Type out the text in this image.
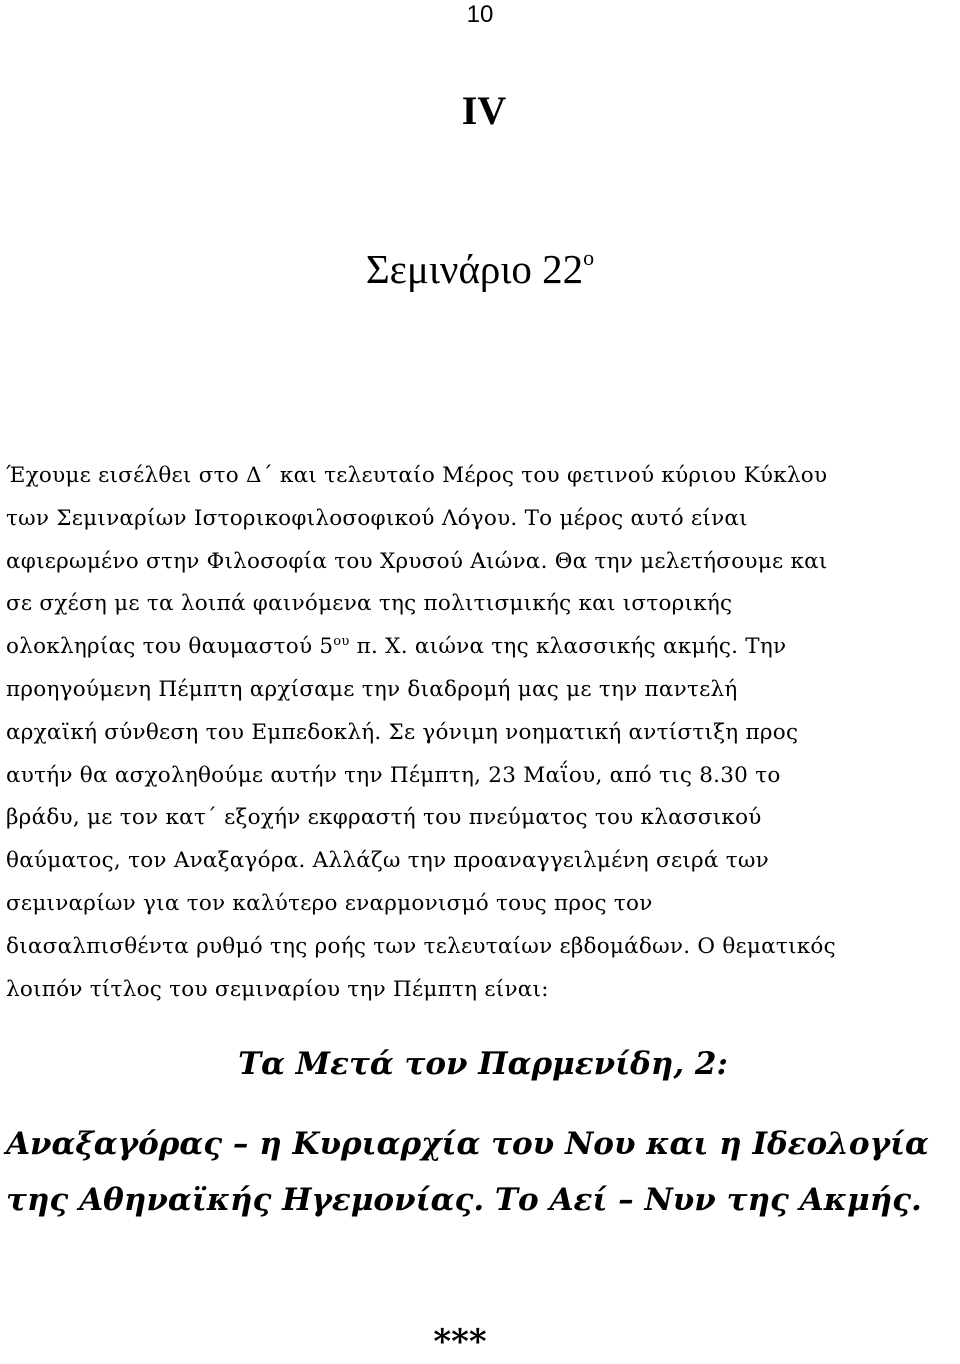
10
IV
Σεμινάριο $22^o$
Έχουμε εισέλθει στο Δ΄ και τελευταίο Μέρος του φετινού κύριου Κύκλου
των Σεμιναρίων Ιστορικοφιλοσοφικού Λόγου. Το μέρος αυτό είναι
αφιερωμένο στην Φιλοσοφία του Χρυσού Αιώνα. Θα την μελετήσουμε και
σε σχέση με τα λοιπά φαινόμενα της πολιτισμικής και ιστορικής
ολοκληρίας του θαυμαστού $5^{o\upsilon}$ π. Χ. αιώνα της κλασσικής ακμής. Την
προηγούμενη Πέμπτη αρχίσαμε την διαδρομή μας με την παντελή
αρχαϊκή σύνθεση του Εμπεδοκλή. Σε γόνιμη νοηματική αντίστιξη προς
αυτήν θα ασχοληθούμε αυτήν την Πέμπτη, 23 Μαΐου, από τις 8.30 το
βράδυ, με τον κατ΄ εξοχήν εκφραστή του πνεύματος του κλασσικού
θαύματος, τον Αναξαγόρα. Αλλάζω την προαναγγειλμένη σειρά των
σεμιναρίων για τον καλύτερο εναρμονισμό τους προς τον
διασαλπισθέντα ρυθμό της ροής των τελευταίων εβδομάδων. Ο θεματικός
λοιπόν τίτλος του σεμιναρίου την Πέμπτη είναι:
Τα Μετά τον Παρμενίδη, 2:
Αναξαγόρας – η Κυριαρχία του Νου και η Ιδεολογία
της Αθηναϊκής Ηγεμονίας. Το Αεί – Νυν της Ακμής.
***
